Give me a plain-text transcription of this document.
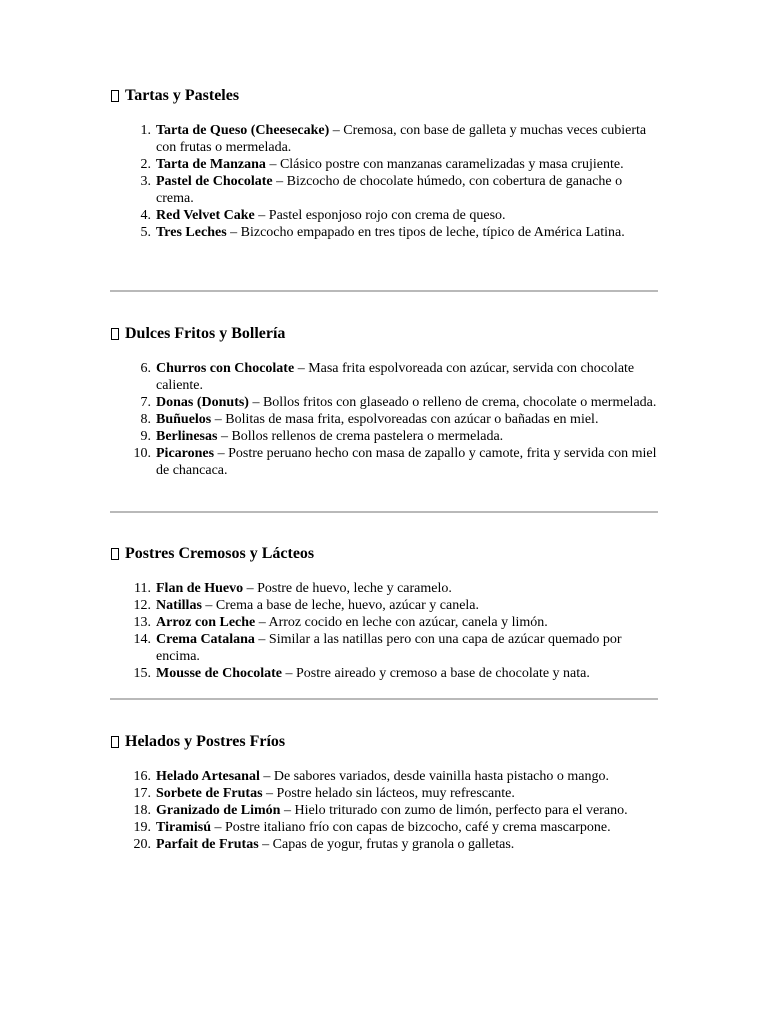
Tartas y Pasteles
1. Tarta de Queso (Cheesecake) – Cremosa, con base de galleta y muchas veces cubierta con frutas o mermelada.
2. Tarta de Manzana – Clásico postre con manzanas caramelizadas y masa crujiente.
3. Pastel de Chocolate – Bizcocho de chocolate húmedo, con cobertura de ganache o crema.
4. Red Velvet Cake – Pastel esponjoso rojo con crema de queso.
5. Tres Leches – Bizcocho empapado en tres tipos de leche, típico de América Latina.
Dulces Fritos y Bollería
6. Churros con Chocolate – Masa frita espolvoreada con azúcar, servida con chocolate caliente.
7. Donas (Donuts) – Bollos fritos con glaseado o relleno de crema, chocolate o mermelada.
8. Buñuelos – Bolitas de masa frita, espolvoreadas con azúcar o bañadas en miel.
9. Berlinesas – Bollos rellenos de crema pastelera o mermelada.
10. Picarones – Postre peruano hecho con masa de zapallo y camote, frita y servida con miel de chancaca.
Postres Cremosos y Lácteos
11. Flan de Huevo – Postre de huevo, leche y caramelo.
12. Natillas – Crema a base de leche, huevo, azúcar y canela.
13. Arroz con Leche – Arroz cocido en leche con azúcar, canela y limón.
14. Crema Catalana – Similar a las natillas pero con una capa de azúcar quemado por encima.
15. Mousse de Chocolate – Postre aireado y cremoso a base de chocolate y nata.
Helados y Postres Fríos
16. Helado Artesanal – De sabores variados, desde vainilla hasta pistacho o mango.
17. Sorbete de Frutas – Postre helado sin lácteos, muy refrescante.
18. Granizado de Limón – Hielo triturado con zumo de limón, perfecto para el verano.
19. Tiramisú – Postre italiano frío con capas de bizcocho, café y crema mascarpone.
20. Parfait de Frutas – Capas de yogur, frutas y granola o galletas.
